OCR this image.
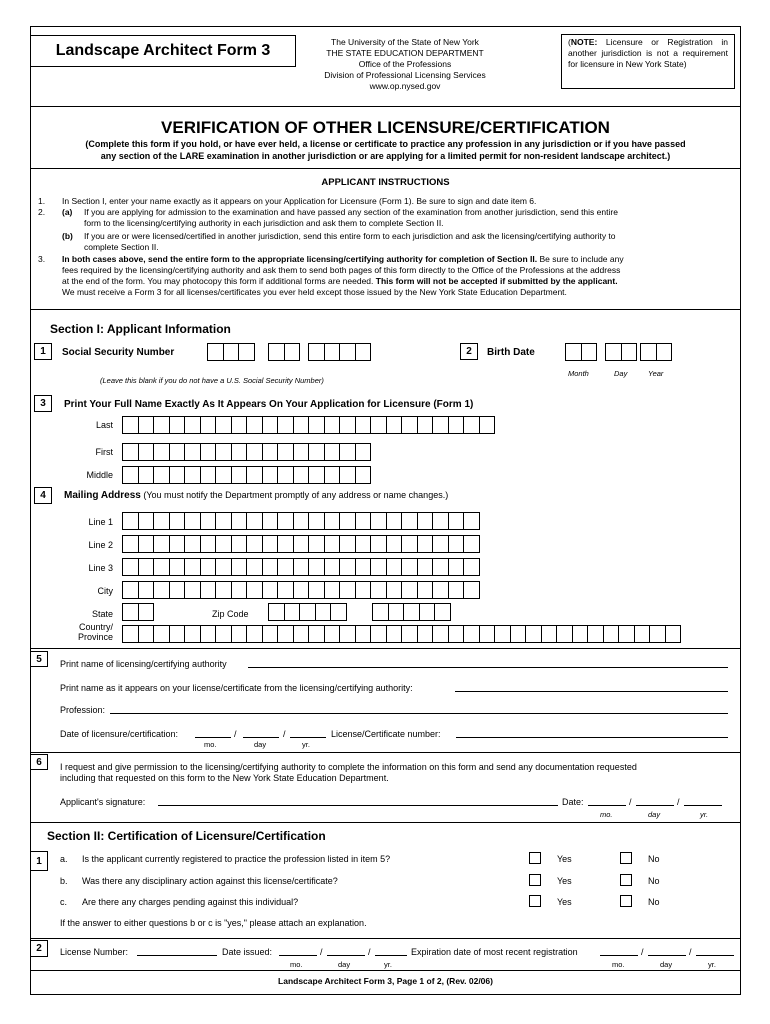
Landscape Architect Form 3	The University of the State of New York
THE STATE EDUCATION DEPARTMENT
Office of the Professions
Division of Professional Licensing Services
www.op.nysed.gov
(NOTE: Licensure or Registration in another jurisdiction is not a requirement for licensure in New York State)
VERIFICATION OF OTHER LICENSURE/CERTIFICATION
(Complete this form if you hold, or have ever held, a license or certificate to practice any profession in any jurisdiction or if you have passed
any section of the LARE examination in another jurisdiction or are applying for a limited permit for non-resident landscape architect.)
APPLICANT INSTRUCTIONS
1. In Section I, enter your name exactly as it appears on your Application for Licensure (Form 1). Be sure to sign and date item 6.
2. (a) If you are applying for admission to the examination and have passed any section of the examination from another jurisdiction, send this entire
form to the licensing/certifying authority in each jurisdiction and ask them to complete Section II.
(b) If you are or were licensed/certified in another jurisdiction, send this entire form to each jurisdiction and ask the licensing/certifying authority to
complete Section II.
3. In both cases above, send the entire form to the appropriate licensing/certifying authority for completion of Section II. Be sure to include any
fees required by the licensing/certifying authority and ask them to send both pages of this form directly to the Office of the Professions at the address
at the end of the form. You may photocopy this form if additional forms are needed. This form will not be accepted if submitted by the applicant.
We must receive a Form 3 for all licenses/certificates you ever held except those issued by the New York State Education Department.
Section I: Applicant Information
1	Social Security Number
(Leave this blank if you do not have a U.S. Social Security Number)
2	Birth Date
Month	Day	Year
3	Print Your Full Name Exactly As It Appears On Your Application for Licensure (Form 1)
Last
First
Middle
4	Mailing Address (You must notify the Department promptly of any address or name changes.)
Line 1
Line 2
Line 3
City
State	Zip Code
Country/
Province
5	Print name of licensing/certifying authority
Print name as it appears on your license/certificate from the licensing/certifying authority:
Profession:
Date of licensure/certification:	/	/
mo.	day	yr.
License/Certificate number:
6	I request and give permission to the licensing/certifying authority to complete the information on this form and send any documentation requested
including that requested on this form to the New York State Education Department.
Applicant's signature:	Date:	/	/
mo.	day	yr.
Section II: Certification of Licensure/Certification
1	a. Is the applicant currently registered to practice the profession listed in item 5?	Yes	No
b. Was there any disciplinary action against this license/certificate?	Yes	No
c. Are there any charges pending against this individual?	Yes	No
If the answer to either questions b or c is "yes," please attach an explanation.
2	License Number:	Date issued:	/	/
mo.	day	yr.
Expiration date of most recent registration	/	/
mo.	day	yr.
Landscape Architect Form 3, Page 1 of 2, (Rev. 02/06)
